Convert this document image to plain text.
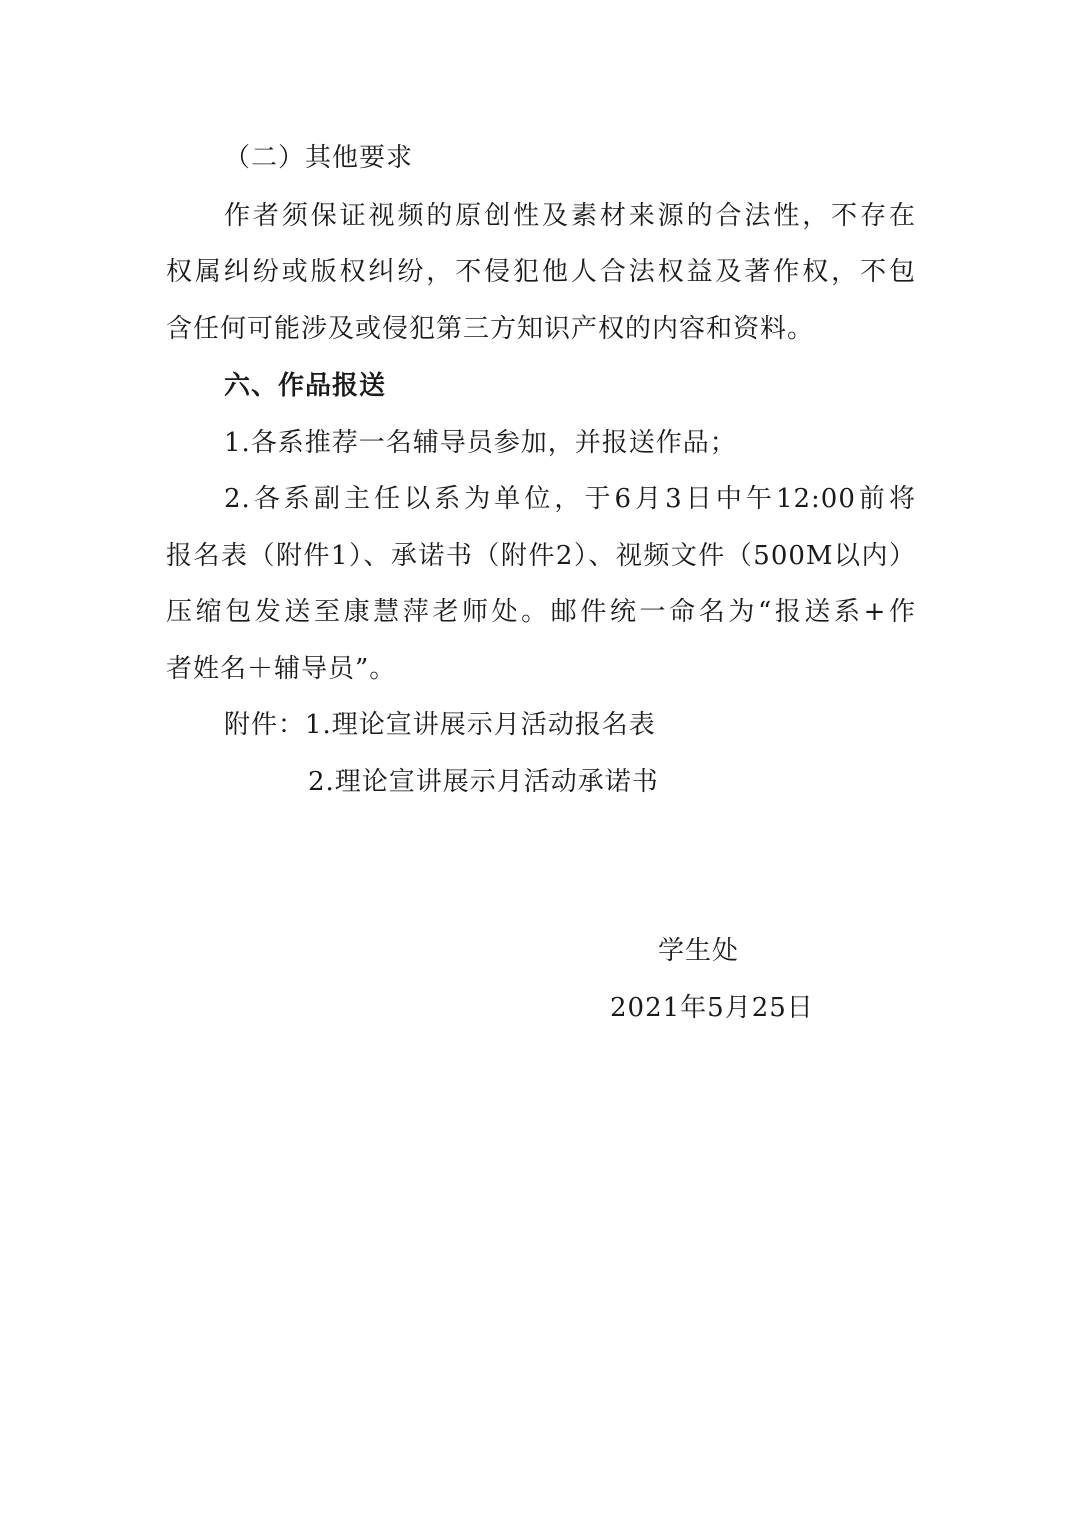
（二）其他要求
作者须保证视频的原创性及素材来源的合法性，不存在
权属纠纷或版权纠纷，不侵犯他人合法权益及著作权，不包
含任何可能涉及或侵犯第三方知识产权的内容和资料。
六、作品报送
1.各系推荐一名辅导员参加，并报送作品；
2.各系副主任以系为单位，于6月3日中午12:00前将
报名表（附件1）、承诺书（附件2）、视频文件（500M以内）
压缩包发送至康慧萍老师处。邮件统一命名为“报送系+作
者姓名＋辅导员”。
附件：1.理论宣讲展示月活动报名表
2.理论宣讲展示月活动承诺书
学生处
2021年5月25日
